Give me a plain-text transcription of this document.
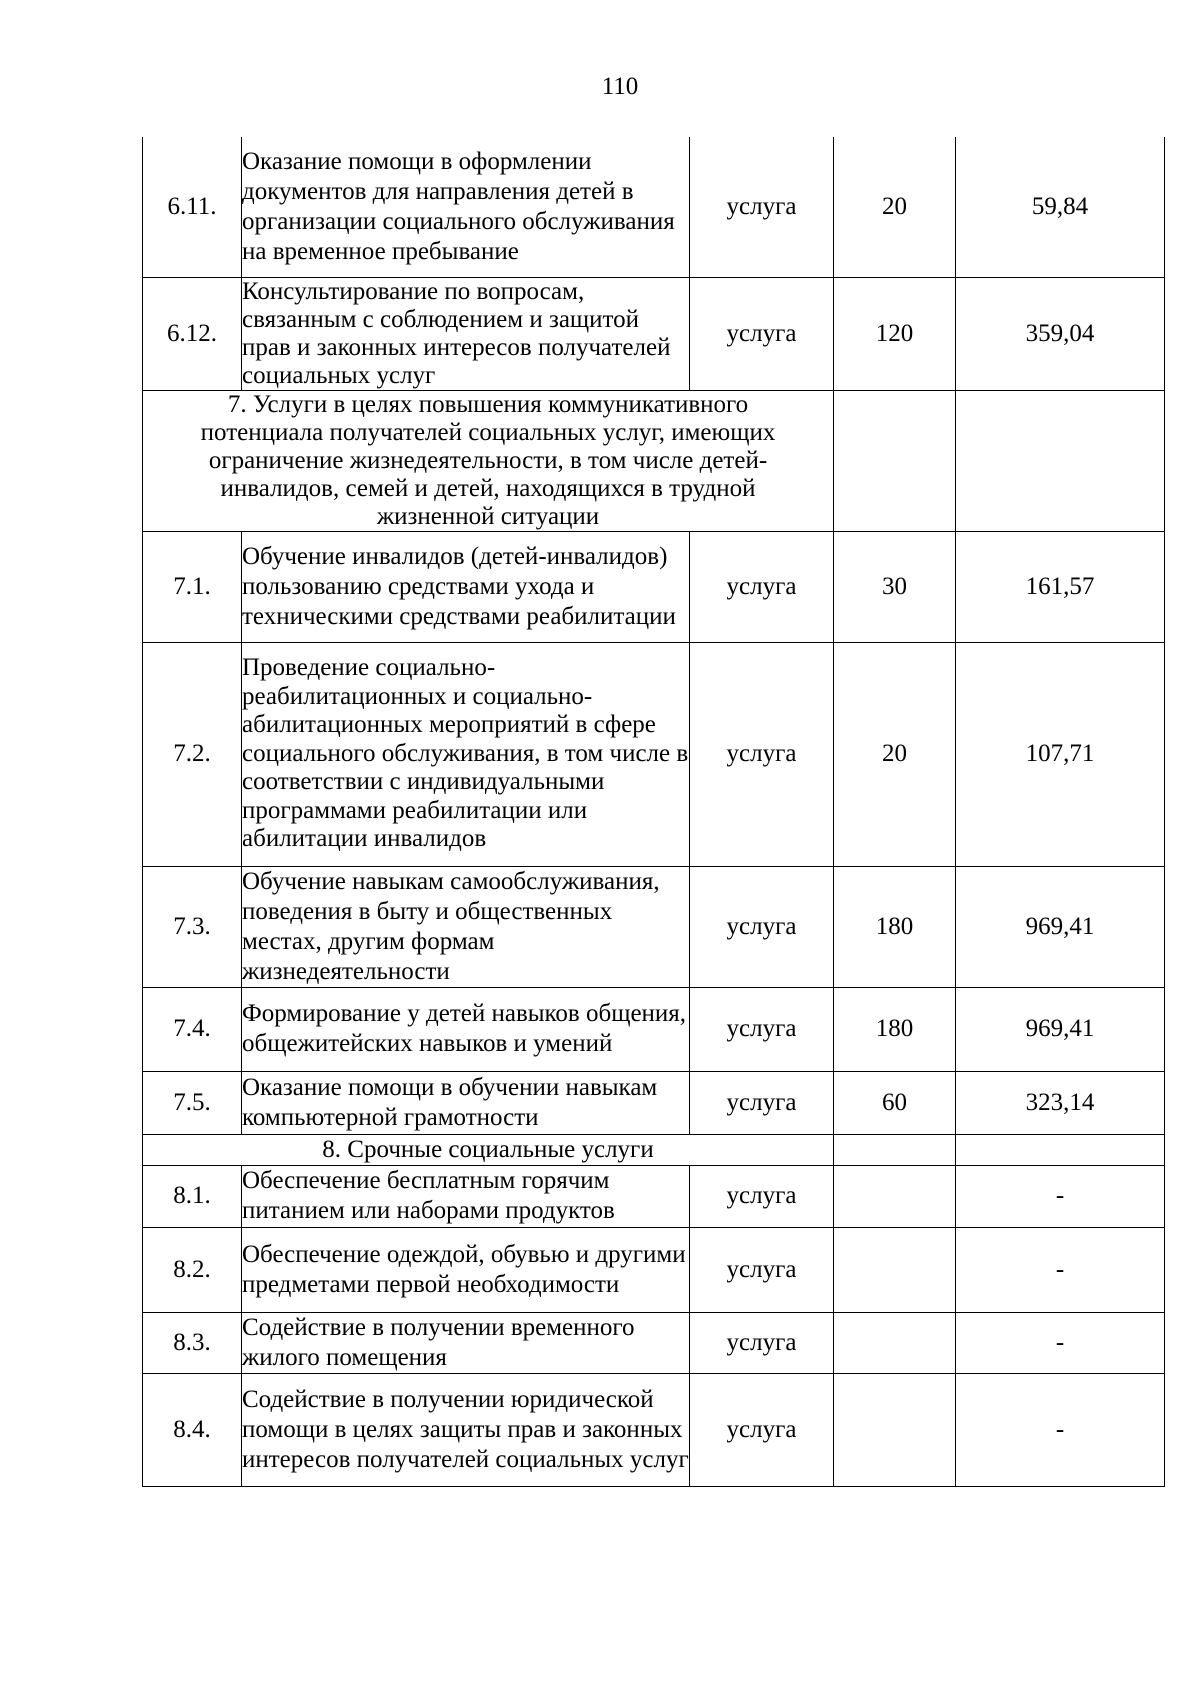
110
6.11.	Оказание помощи в оформлении документов для направления детей в организации социального обслуживания на временное пребывание	услуга	20	59,84
6.12.	Консультирование по вопросам, связанным с соблюдением и защитой прав и законных интересов получателей социальных услуг	услуга	120	359,04
7. Услуги в целях повышения коммуникативного потенциала получателей социальных услуг, имеющих ограничение жизнедеятельности, в том числе детей-инвалидов, семей и детей, находящихся в трудной жизненной ситуации				
7.1.	Обучение инвалидов (детей-инвалидов) пользованию средствами ухода и техническими средствами реабилитации	услуга	30	161,57
7.2.	Проведение социально-реабилитационных и социально-абилитационных мероприятий в сфере социального обслуживания, в том числе в соответствии с индивидуальными программами реабилитации или абилитации инвалидов	услуга	20	107,71
7.3.	Обучение навыкам самообслуживания, поведения в быту и общественных местах, другим формам жизнедеятельности	услуга	180	969,41
7.4.	Формирование у детей навыков общения, общежитейских навыков и умений	услуга	180	969,41
7.5.	Оказание помощи в обучении навыкам компьютерной грамотности	услуга	60	323,14
8. Срочные социальные услуги				
8.1.	Обеспечение бесплатным горячим питанием или наборами продуктов	услуга		-
8.2.	Обеспечение одеждой, обувью и другими предметами первой необходимости	услуга		-
8.3.	Содействие в получении временного жилого помещения	услуга		-
8.4.	Содействие в получении юридической помощи в целях защиты прав и законных интересов получателей социальных услуг	услуга		-
